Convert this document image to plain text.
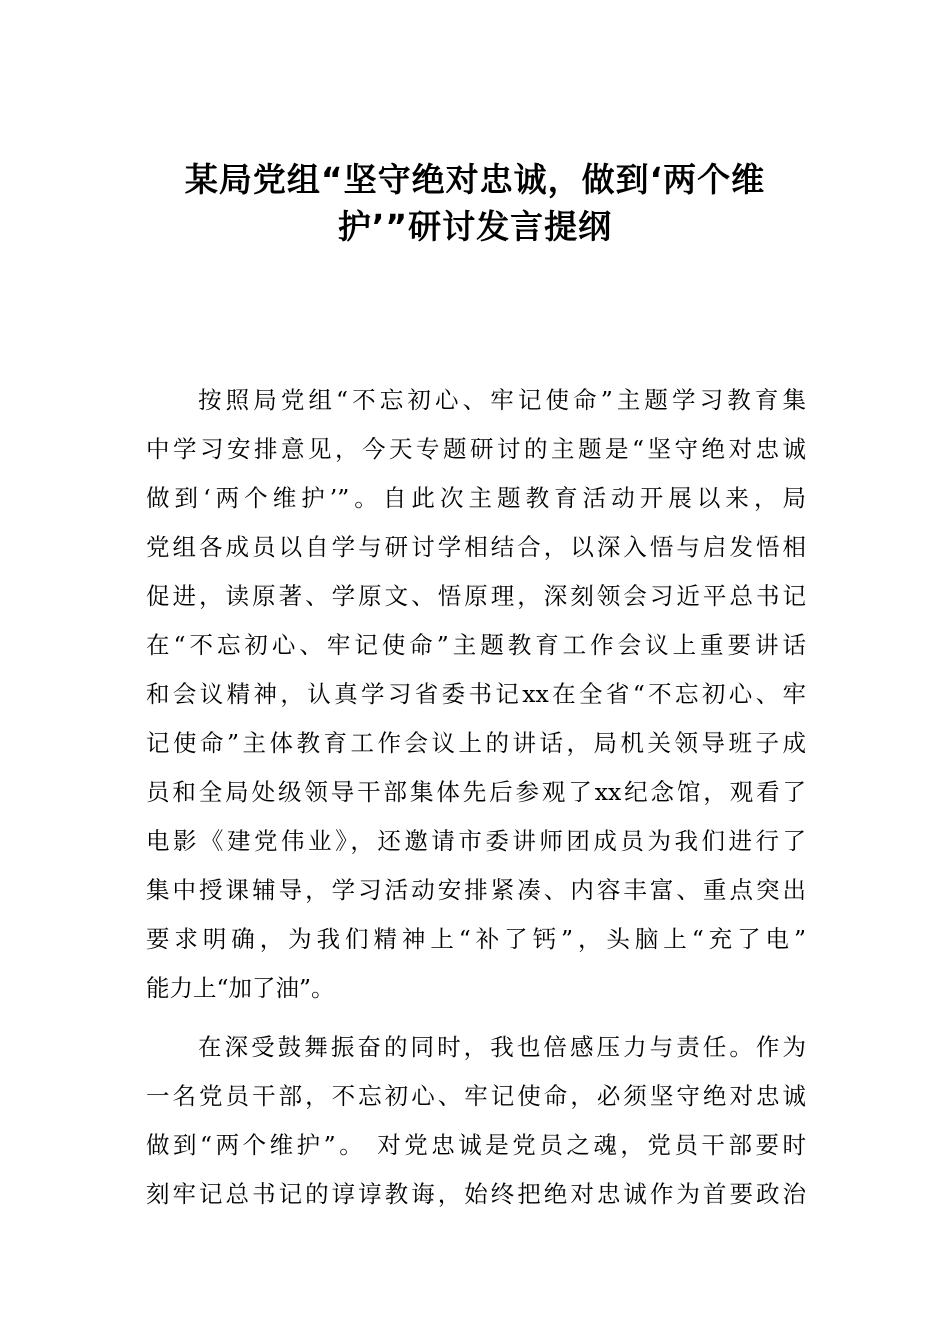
某局党组“坚守绝对忠诚，做到‘两个维
护’”研讨发言提纲
按照局党组“不忘初心、牢记使命”主题学习教育集
中学习安排意见，今天专题研讨的主题是“坚守绝对忠诚
做到‘两个维护’”。自此次主题教育活动开展以来，局
党组各成员以自学与研讨学相结合，以深入悟与启发悟相
促进，读原著、学原文、悟原理，深刻领会习近平总书记
在“不忘初心、牢记使命”主题教育工作会议上重要讲话
和会议精神，认真学习省委书记xx在全省“不忘初心、牢
记使命”主体教育工作会议上的讲话，局机关领导班子成
员和全局处级领导干部集体先后参观了xx纪念馆，观看了
电影《建党伟业》，还邀请市委讲师团成员为我们进行了
集中授课辅导，学习活动安排紧凑、内容丰富、重点突出
要求明确，为我们精神上“补了钙”，头脑上“充了电”
能力上“加了油”。
在深受鼓舞振奋的同时，我也倍感压力与责任。作为
一名党员干部，不忘初心、牢记使命，必须坚守绝对忠诚
做到“两个维护”。 对党忠诚是党员之魂，党员干部要时
刻牢记总书记的谆谆教诲，始终把绝对忠诚作为首要政治
